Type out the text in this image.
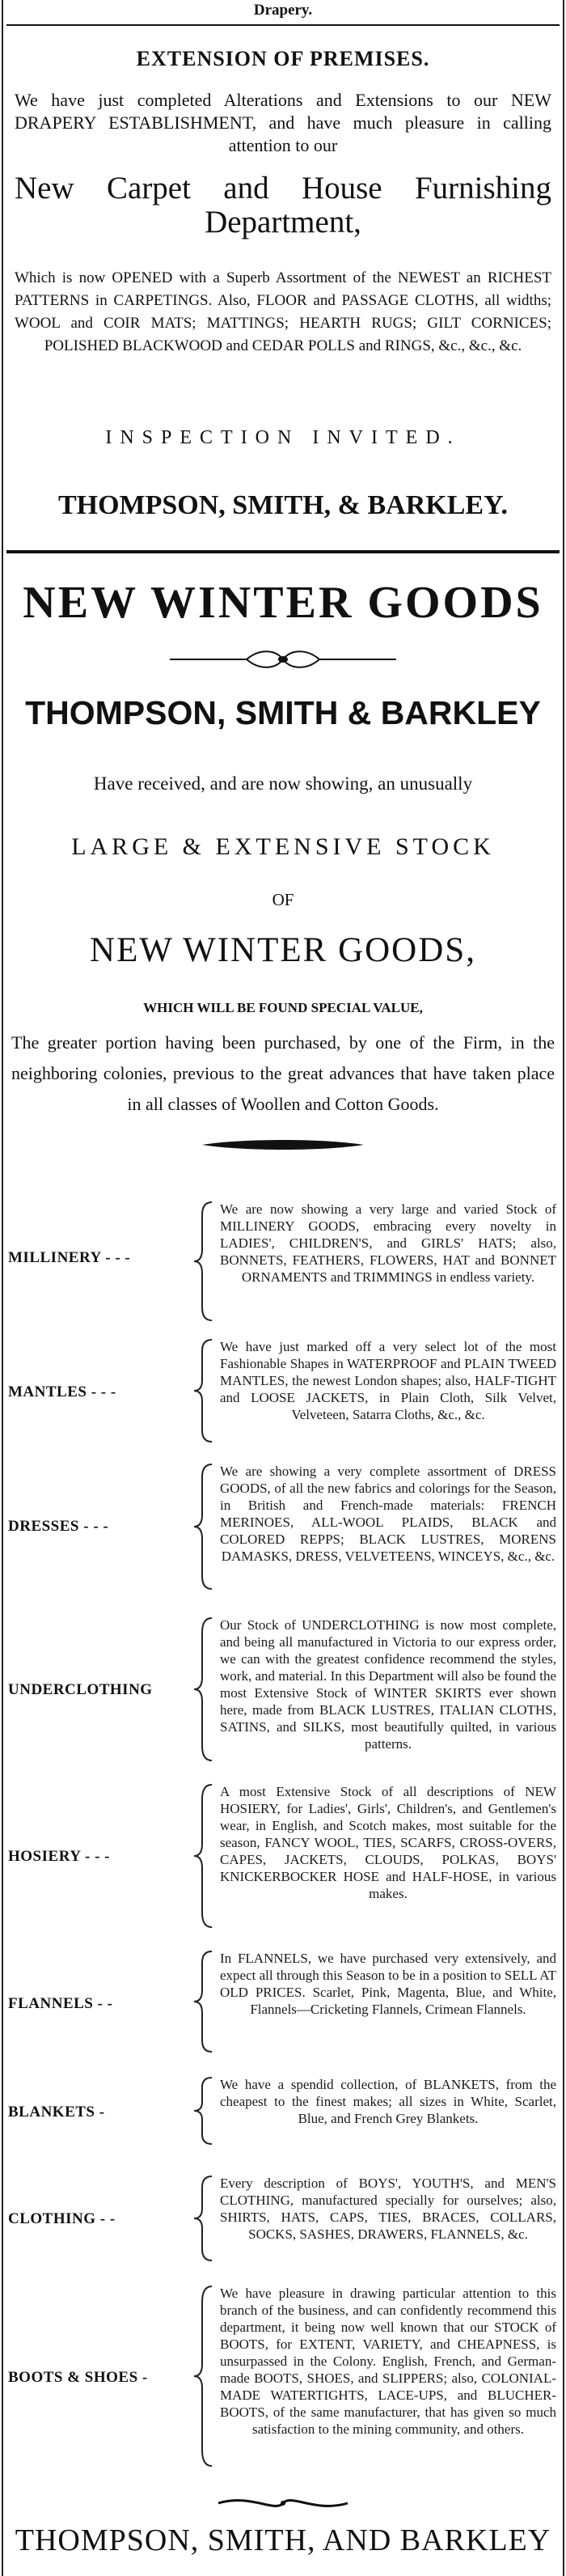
Drapery.
EXTENSION OF PREMISES.
We have just completed Alterations and Extensions to our NEW DRAPERY ESTABLISHMENT, and have much pleasure in calling attention to our
New Carpet and House Furnishing Department,
Which is now OPENED with a Superb Assortment of the NEWEST an RICHEST PATTERNS in CARPETINGS. Also, FLOOR and PASSAGE CLOTHS, all widths; WOOL and COIR MATS; MATTINGS; HEARTH RUGS; GILT CORNICES; POLISHED BLACKWOOD and CEDAR POLLS and RINGS, &c., &c., &c.
INSPECTION INVITED.
THOMPSON, SMITH, & BARKLEY.
NEW WINTER GOODS
THOMPSON, SMITH & BARKLEY
Have received, and are now showing, an unusually
LARGE & EXTENSIVE STOCK
OF
NEW WINTER GOODS,
WHICH WILL BE FOUND SPECIAL VALUE,
The greater portion having been purchased, by one of the Firm, in the neighboring colonies, previous to the great advances that have taken place in all classes of Woollen and Cotton Goods.
MILLINERY - - -
We are now showing a very large and varied Stock of MILLINERY GOODS, embracing every novelty in LADIES', CHILDREN'S, and GIRLS' HATS; also, BONNETS, FEATHERS, FLOWERS, HAT and BONNET ORNAMENTS and TRIMMINGS in endless variety.
MANTLES - - -
We have just marked off a very select lot of the most Fashionable Shapes in WATERPROOF and PLAIN TWEED MANTLES, the newest London shapes; also, HALF-TIGHT and LOOSE JACKETS, in Plain Cloth, Silk Velvet, Velveteen, Satarra Cloths, &c., &c.
DRESSES - - -
We are showing a very complete assortment of DRESS GOODS, of all the new fabrics and colorings for the Season, in British and French-made materials: FRENCH MERINOES, ALL-WOOL PLAIDS, BLACK and COLORED REPPS; BLACK LUSTRES, MORENS DAMASKS, DRESS, VELVETEENS, WINCEYS, &c., &c.
UNDERCLOTHING
Our Stock of UNDERCLOTHING is now most complete, and being all manufactured in Victoria to our express order, we can with the greatest confidence recommend the styles, work, and material. In this Department will also be found the most Extensive Stock of WINTER SKIRTS ever shown here, made from BLACK LUSTRES, ITALIAN CLOTHS, SATINS, and SILKS, most beautifully quilted, in various patterns.
HOSIERY - - -
A most Extensive Stock of all descriptions of NEW HOSIERY, for Ladies', Girls', Children's, and Gentlemen's wear, in English, and Scotch makes, most suitable for the season, FANCY WOOL, TIES, SCARFS, CROSS-OVERS, CAPES, JACKETS, CLOUDS, POLKAS, BOYS' KNICKERBOCKER HOSE and HALF-HOSE, in various makes.
FLANNELS - -
In FLANNELS, we have purchased very extensively, and expect all through this Season to be in a position to SELL AT OLD PRICES. Scarlet, Pink, Magenta, Blue, and White, Flannels—Cricketing Flannels, Crimean Flannels.
BLANKETS -
We have a spendid collection, of BLANKETS, from the cheapest to the finest makes; all sizes in White, Scarlet, Blue, and French Grey Blankets.
CLOTHING - -
Every description of BOYS', YOUTH'S, and MEN'S CLOTHING, manufactured specially for ourselves; also, SHIRTS, HATS, CAPS, TIES, BRACES, COLLARS, SOCKS, SASHES, DRAWERS, FLANNELS, &c.
BOOTS & SHOES -
We have pleasure in drawing particular attention to this branch of the business, and can confidently recommend this department, it being now well known that our STOCK of BOOTS, for EXTENT, VARIETY, and CHEAPNESS, is unsurpassed in the Colony. English, French, and German-made BOOTS, SHOES, and SLIPPERS; also, COLONIAL-MADE WATERTIGHTS, LACE-UPS, and BLUCHER-BOOTS, of the same manufacturer, that has given so much satisfaction to the mining community, and others.
THOMPSON, SMITH, AND BARKLEY
